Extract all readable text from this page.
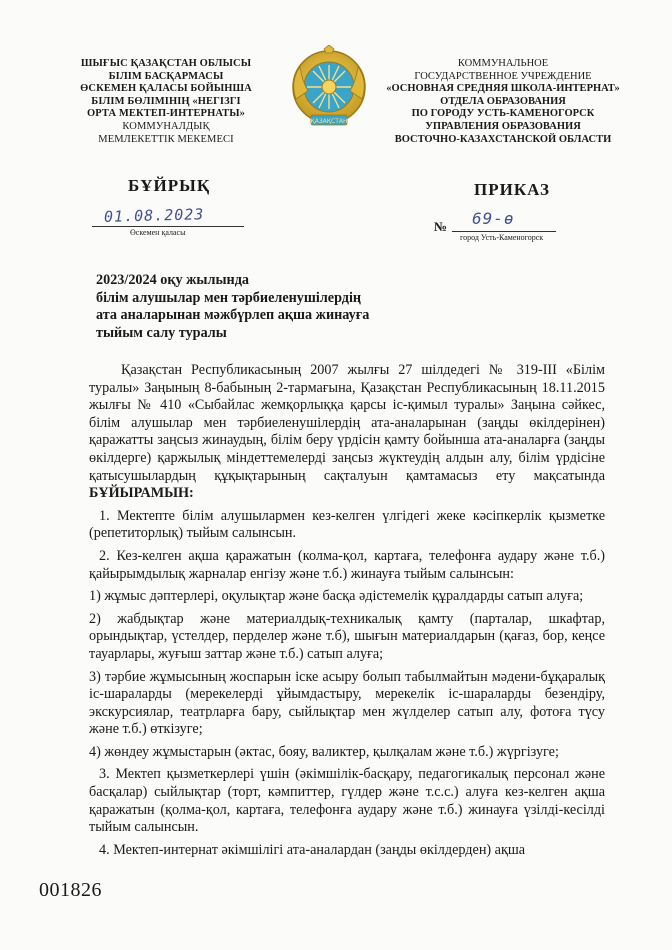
ШЫҒЫС ҚАЗАҚСТАН ОБЛЫСЫ
БІЛІМ БАСҚАРМАСЫ
ӨСКЕМЕН ҚАЛАСЫ БОЙЫНША
БІЛІМ БӨЛІМІНІҢ «НЕГІЗГІ
ОРТА МЕКТЕП-ИНТЕРНАТЫ»
КОММУНАЛДЫҚ
МЕМЛЕКЕТТІК МЕКЕМЕСІ
ҚАЗАҚСТАН
КОММУНАЛЬНОЕ
ГОСУДАРСТВЕННОЕ УЧРЕЖДЕНИЕ
«ОСНОВНАЯ СРЕДНЯЯ ШКОЛА-ИНТЕРНАТ»
ОТДЕЛА ОБРАЗОВАНИЯ
ПО ГОРОДУ УСТЬ-КАМЕНОГОРСК
УПРАВЛЕНИЯ ОБРАЗОВАНИЯ
ВОСТОЧНО-КАЗАХСТАНСКОЙ ОБЛАСТИ
БҰЙРЫҚ	ПРИКАЗ
01.08.2023
Өскемен қаласы	№ 69-ө
город Усть-Каменогорск
2023/2024 оқу жылында
білім алушылар мен тәрбиеленушілердің
ата аналарынан мәжбүрлеп ақша жинауға
тыйым салу туралы

Қазақстан Республикасының 2007 жылғы 27 шілдедегі № 319-III «Білім туралы» Заңының 8-бабының 2-тармағына, Қазақстан Республикасының 18.11.2015 жылғы № 410 «Сыбайлас жемқорлыққа қарсы іс-қимыл туралы» Заңына сәйкес, білім алушылар мен тәрбиеленушілердің ата-аналарынан (заңды өкілдерінен) қаражатты заңсыз жинаудың, білім беру үрдісін қамту бойынша ата-аналарға (заңды өкілдерге) қаржылық міндеттемелерді заңсыз жүктеудің алдын алу, білім үрдісіне қатысушылардың құқықтарының сақталуын қамтамасыз ету мақсатында БҰЙЫРАМЫН:

1. Мектепте білім алушылармен кез-келген үлгідегі жеке кәсіпкерлік қызметке (репетиторлық) тыйым салынсын.

2. Кез-келген ақша қаражатын (колма-қол, картаға, телефонға аудару және т.б.) қайырымдылық жарналар енгізу және т.б.) жинауға тыйым салынсын:

1) жұмыс дәптерлері, оқулықтар және басқа әдістемелік құралдарды сатып алуға;

2) жабдықтар және материалдық-техникалық қамту (парталар, шкафтар, орындықтар, үстелдер, перделер және т.б), шығын материалдарын (қағаз, бор, кеңсе тауарлары, жуғыш заттар және т.б.) сатып алуға;

3) тәрбие жұмысының жоспарын іске асыру болып табылмайтын мәдени-бұқаралық іс-шараларды (мерекелерді ұйымдастыру, мерекелік іс-шараларды безендіру, экскурсиялар, театрларға бару, сыйлықтар мен жүлделер сатып алу, фотоға түсу және т.б.) өткізуге;

4) жөндеу жұмыстарын (әктас, бояу, валиктер, қылқалам және т.б.) жүргізуге;

3. Мектеп қызметкерлері үшін (әкімшілік-басқару, педагогикалық персонал және басқалар) сыйлықтар (торт, кәмпиттер, гүлдер және т.с.с.) алуға кез-келген ақша қаражатын (қолма-қол, картаға, телефонға аудару және т.б.) жинауға үзілді-кесілді тыйым салынсын.

4. Мектеп-интернат әкімшілігі ата-аналардан (заңды өкілдерден) ақша

001826
